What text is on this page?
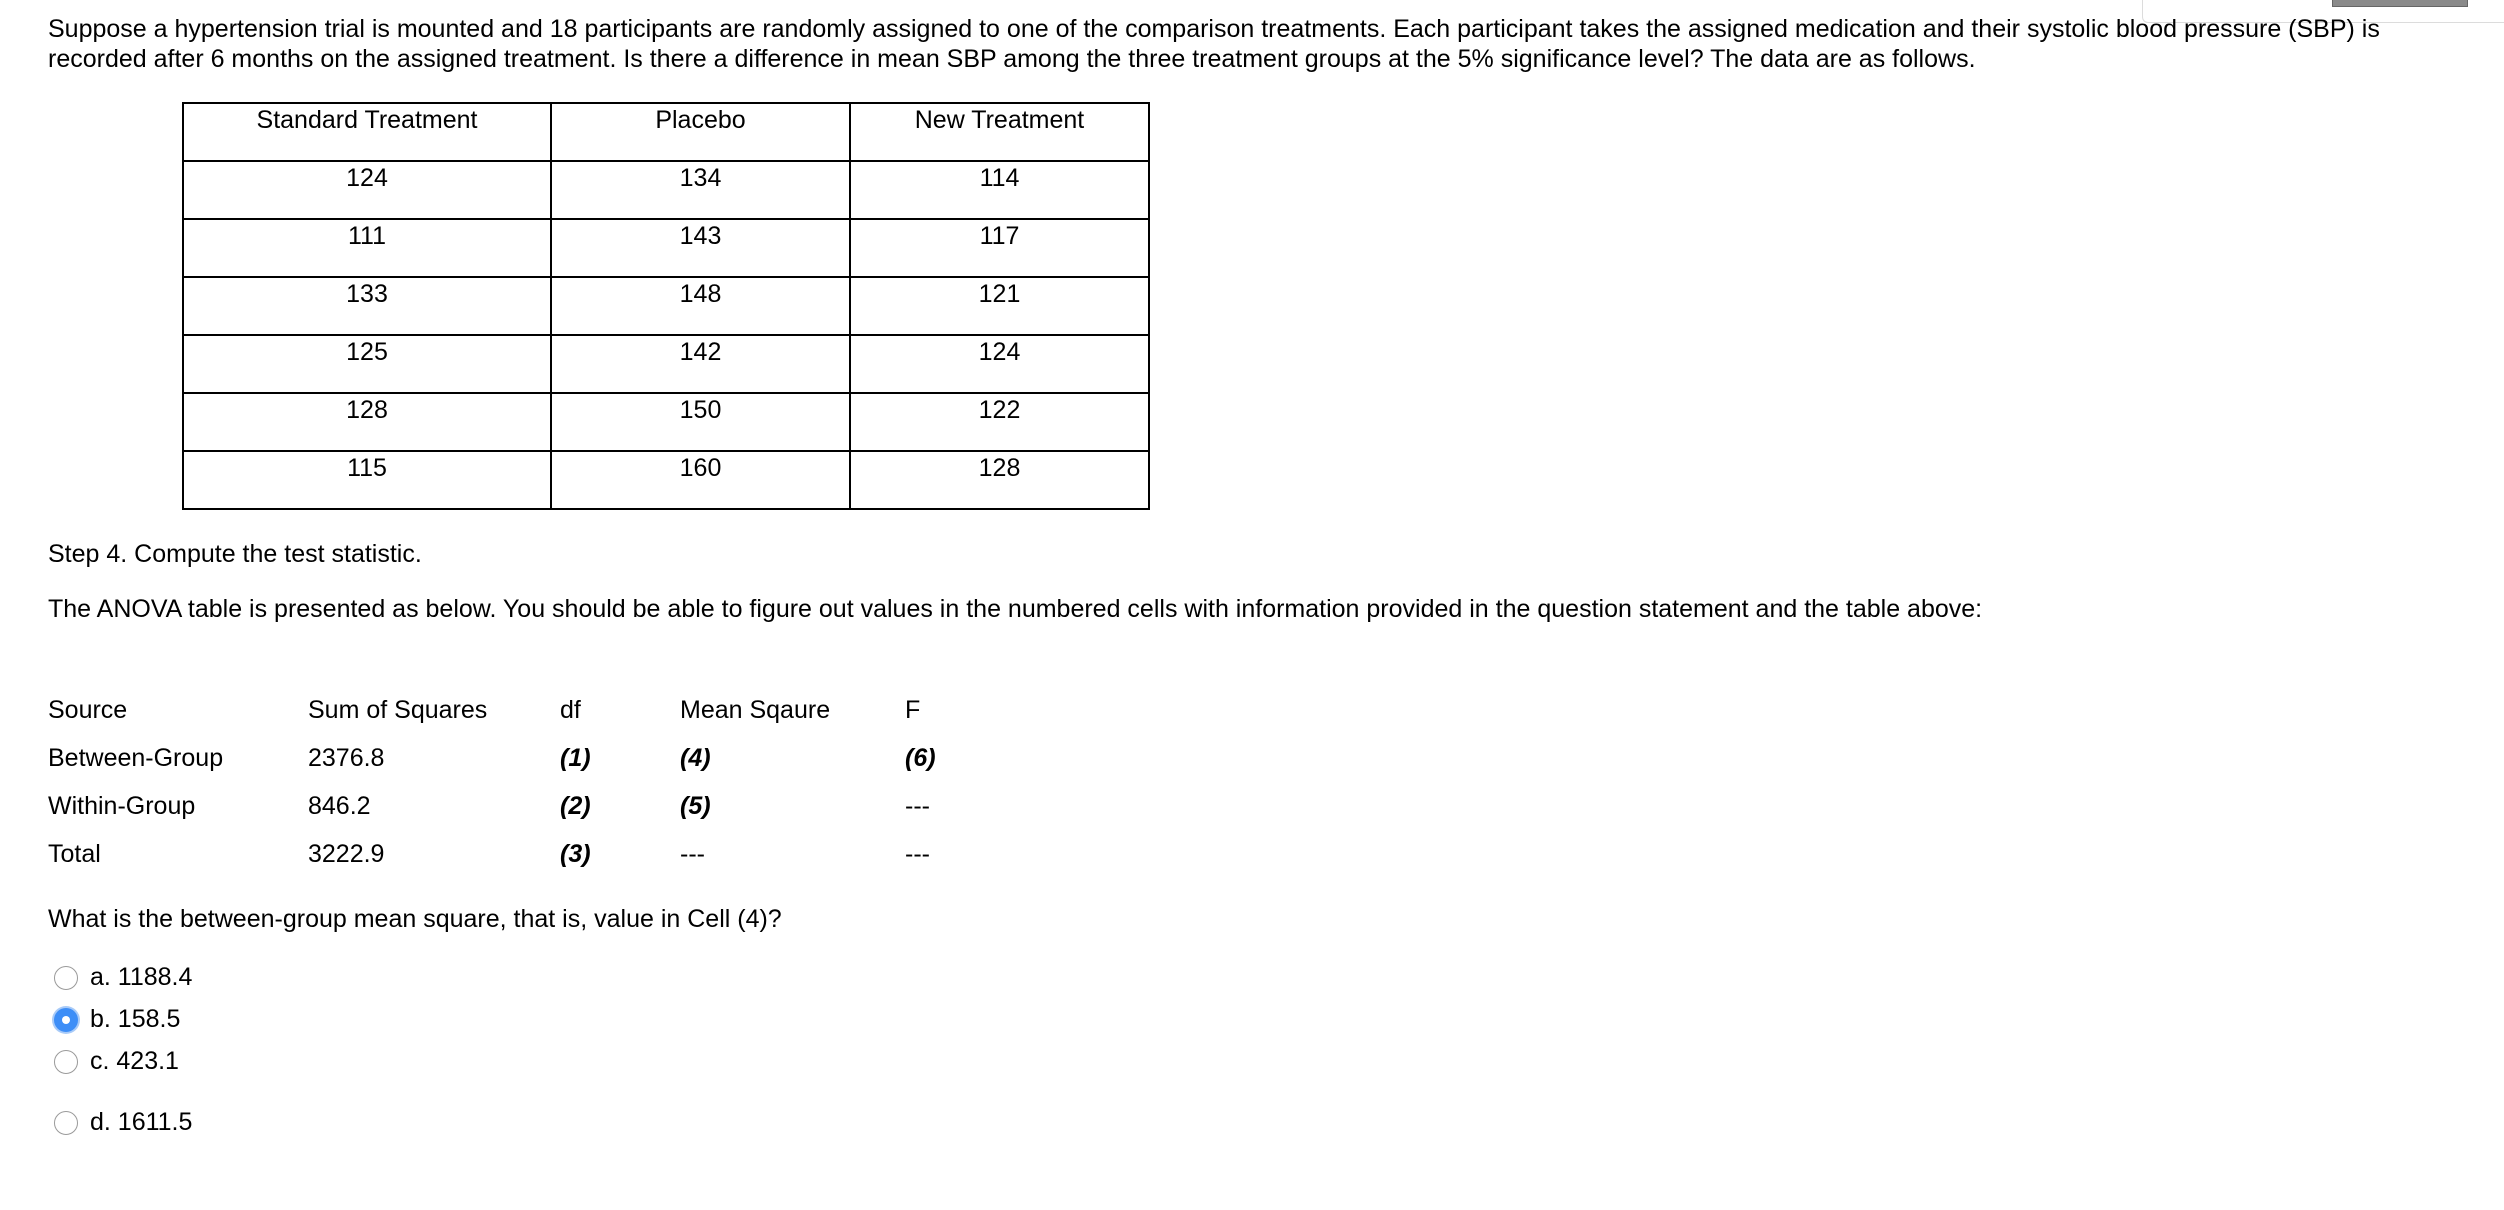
Suppose a hypertension trial is mounted and 18 participants are randomly assigned to one of the comparison treatments. Each participant takes the assigned medication and their systolic blood pressure (SBP) is recorded after 6 months on the assigned treatment. Is there a difference in mean SBP among the three treatment groups at the 5% significance level? The data are as follows.

Standard Treatment	Placebo	New Treatment
124	134	114
111	143	117
133	148	121
125	142	124
128	150	122
115	160	128

Step 4. Compute the test statistic.

The ANOVA table is presented as below. You should be able to figure out values in the numbered cells with information provided in the question statement and the table above:

Source	Sum of Squares	df	Mean Sqaure	F
Between-Group	2376.8	(1)	(4)	(6)
Within-Group	846.2	(2)	(5)	---
Total	3222.9	(3)	---	---

What is the between-group mean square, that is, value in Cell (4)?

a. 1188.4
b. 158.5
c. 423.1
d. 1611.5
